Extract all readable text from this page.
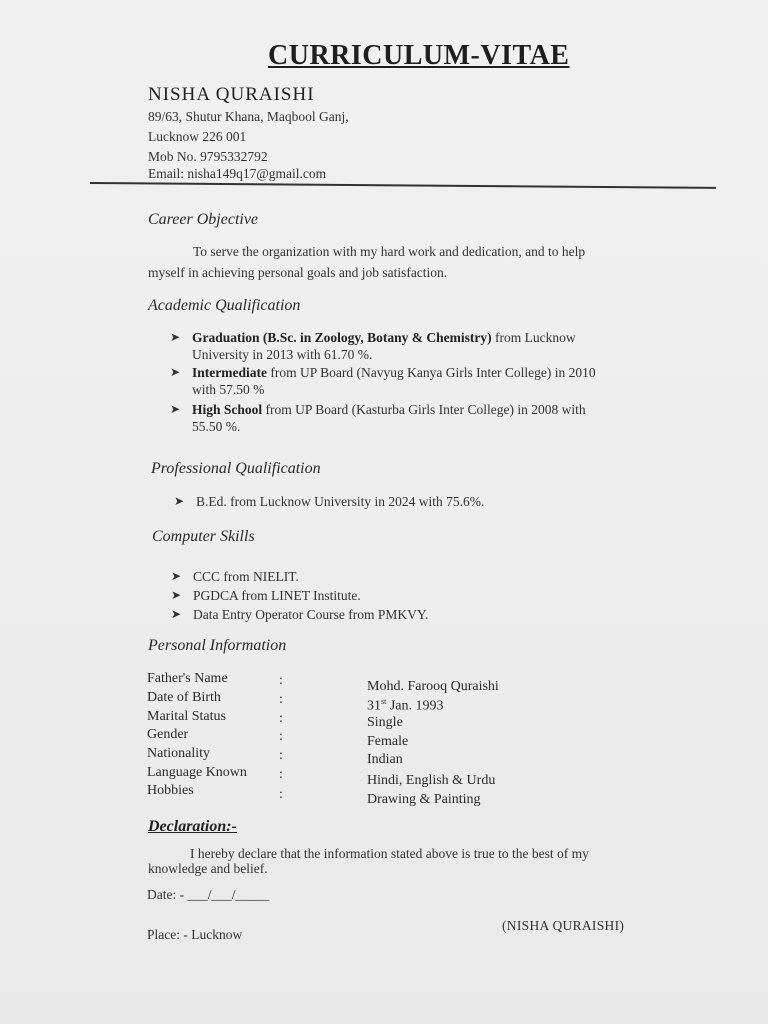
CURRICULUM-VITAE
NISHA QURAISHI
89/63, Shutur Khana, Maqbool Ganj,
Lucknow 226 001
Mob No. 9795332792
Email: nisha149q17@gmail.com
Career Objective
To serve the organization with my hard work and dedication, and to help
myself in achieving personal goals and job satisfaction.
Academic Qualification
➤ Graduation (B.Sc. in Zoology, Botany & Chemistry) from Lucknow
University in 2013 with 61.70 %.
➤ Intermediate from UP Board (Navyug Kanya Girls Inter College) in 2010
with 57.50 %
➤ High School from UP Board (Kasturba Girls Inter College) in 2008 with
55.50 %.
Professional Qualification
➤ B.Ed. from Lucknow University in 2024 with 75.6%.
Computer Skills
➤ CCC from NIELIT.
➤ PGDCA from LINET Institute.
➤ Data Entry Operator Course from PMKVY.
Personal Information
Father's Name	:	Mohd. Farooq Quraishi
Date of Birth	:	31st Jan. 1993
Marital Status	:	Single
Gender	:	Female
Nationality	:	Indian
Language Known :	Hindi, English & Urdu
Hobbies	:	Drawing & Painting
Declaration:-
I hereby declare that the information stated above is true to the best of my
knowledge and belief.
Date: - ___/___/_____
Place: - Lucknow
(NISHA QURAISHI)
